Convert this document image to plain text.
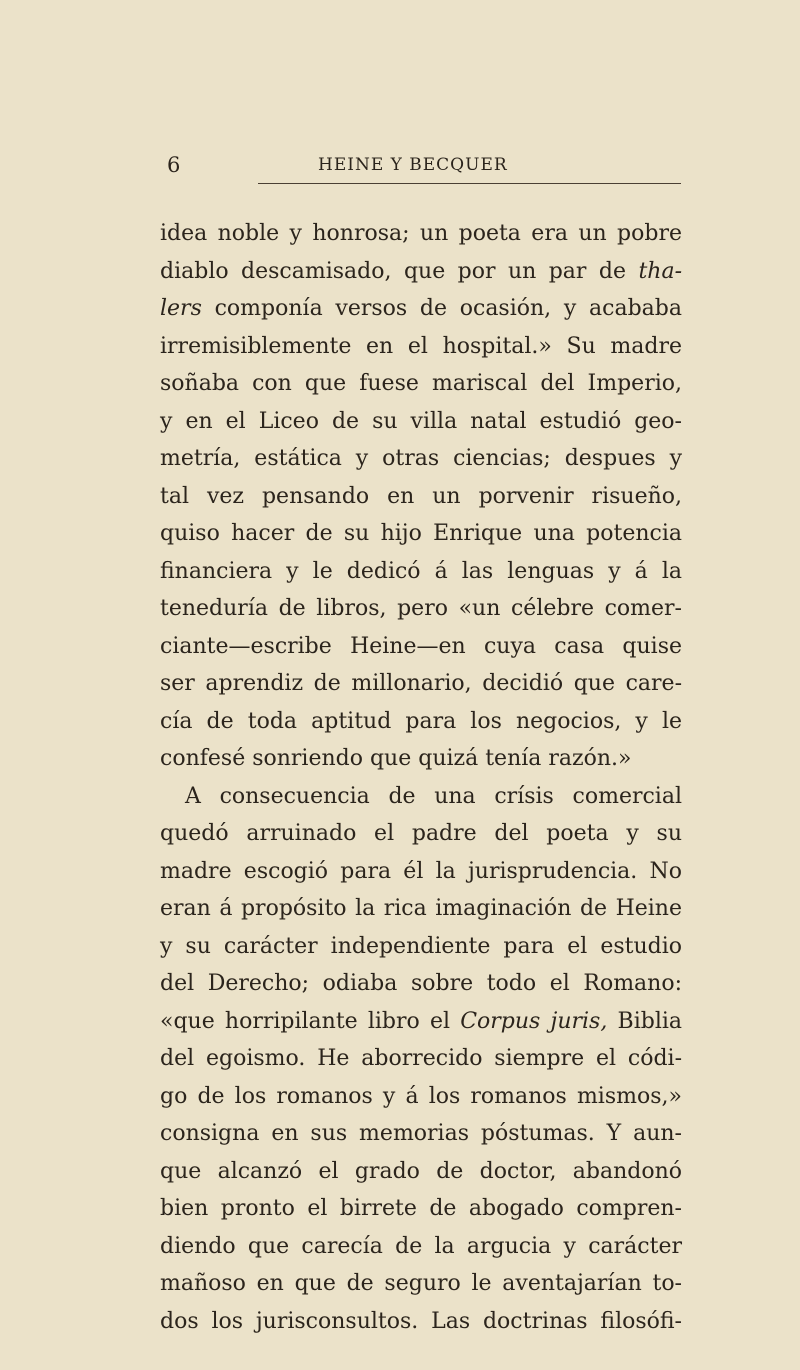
6	HEINE Y BECQUER
idea noble y honrosa; un poeta era un pobre
diablo descamisado, que por un par de tha-
lers componía versos de ocasión, y acababa
irremisiblemente en el hospital.» Su madre
soñaba con que fuese mariscal del Imperio,
y en el Liceo de su villa natal estudió geo-
metría, estática y otras ciencias; despues y
tal vez pensando en un porvenir risueño,
quiso hacer de su hijo Enrique una potencia
financiera y le dedicó á las lenguas y á la
teneduría de libros, pero «un célebre comer-
ciante—escribe Heine—en cuya casa quise
ser aprendiz de millonario, decidió que care-
cía de toda aptitud para los negocios, y le
confesé sonriendo que quizá tenía razón.»
A consecuencia de una crísis comercial
quedó arruinado el padre del poeta y su
madre escogió para él la jurisprudencia. No
eran á propósito la rica imaginación de Heine
y su carácter independiente para el estudio
del Derecho; odiaba sobre todo el Romano:
«que horripilante libro el Corpus juris, Biblia
del egoismo. He aborrecido siempre el códi-
go de los romanos y á los romanos mismos,»
consigna en sus memorias póstumas. Y aun-
que alcanzó el grado de doctor, abandonó
bien pronto el birrete de abogado compren-
diendo que carecía de la argucia y carácter
mañoso en que de seguro le aventajarían to-
dos los jurisconsultos. Las doctrinas filosófi-
